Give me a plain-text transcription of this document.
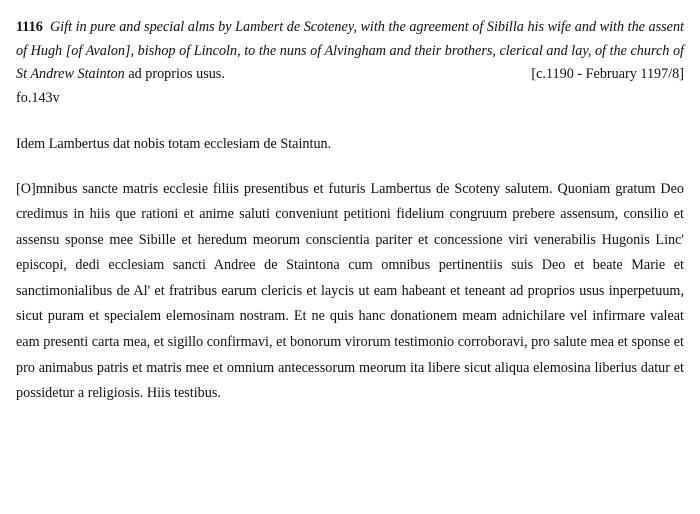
1116 Gift in pure and special alms by Lambert de Scoteney, with the agreement of Sibilla his wife and with the assent of Hugh [of Avalon], bishop of Lincoln, to the nuns of Alvingham and their brothers, clerical and lay, of the church of St Andrew Stainton ad proprios usus.	[c.1190 - February 1197/8]
fo.143v
Idem Lambertus dat nobis totam ecclesiam de Staintun.
[O]mnibus sancte matris ecclesie filiis presentibus et futuris Lambertus de Scoteny salutem. Quoniam gratum Deo credimus in hiis que rationi et anime saluti conveniunt petitioni fidelium congruum prebere assensum, consilio et assensu sponse mee Sibille et heredum meorum conscientia pariter et concessione viri venerabilis Hugonis Linc' episcopi, dedi ecclesiam sancti Andree de Staintona cum omnibus pertinentiis suis Deo et beate Marie et sanctimonialibus de Al' et fratribus earum clericis et laycis ut eam habeant et teneant ad proprios usus inperpetuum, sicut puram et specialem elemosinam nostram. Et ne quis hanc donationem meam adnichilare vel infirmare valeat eam presenti carta mea, et sigillo confirmavi, et bonorum virorum testimonio corroboravi, pro salute mea et sponse et pro animabus patris et matris mee et omnium antecessorum meorum ita libere sicut aliqua elemosina liberius datur et possidetur a religiosis. Hiis testibus.
